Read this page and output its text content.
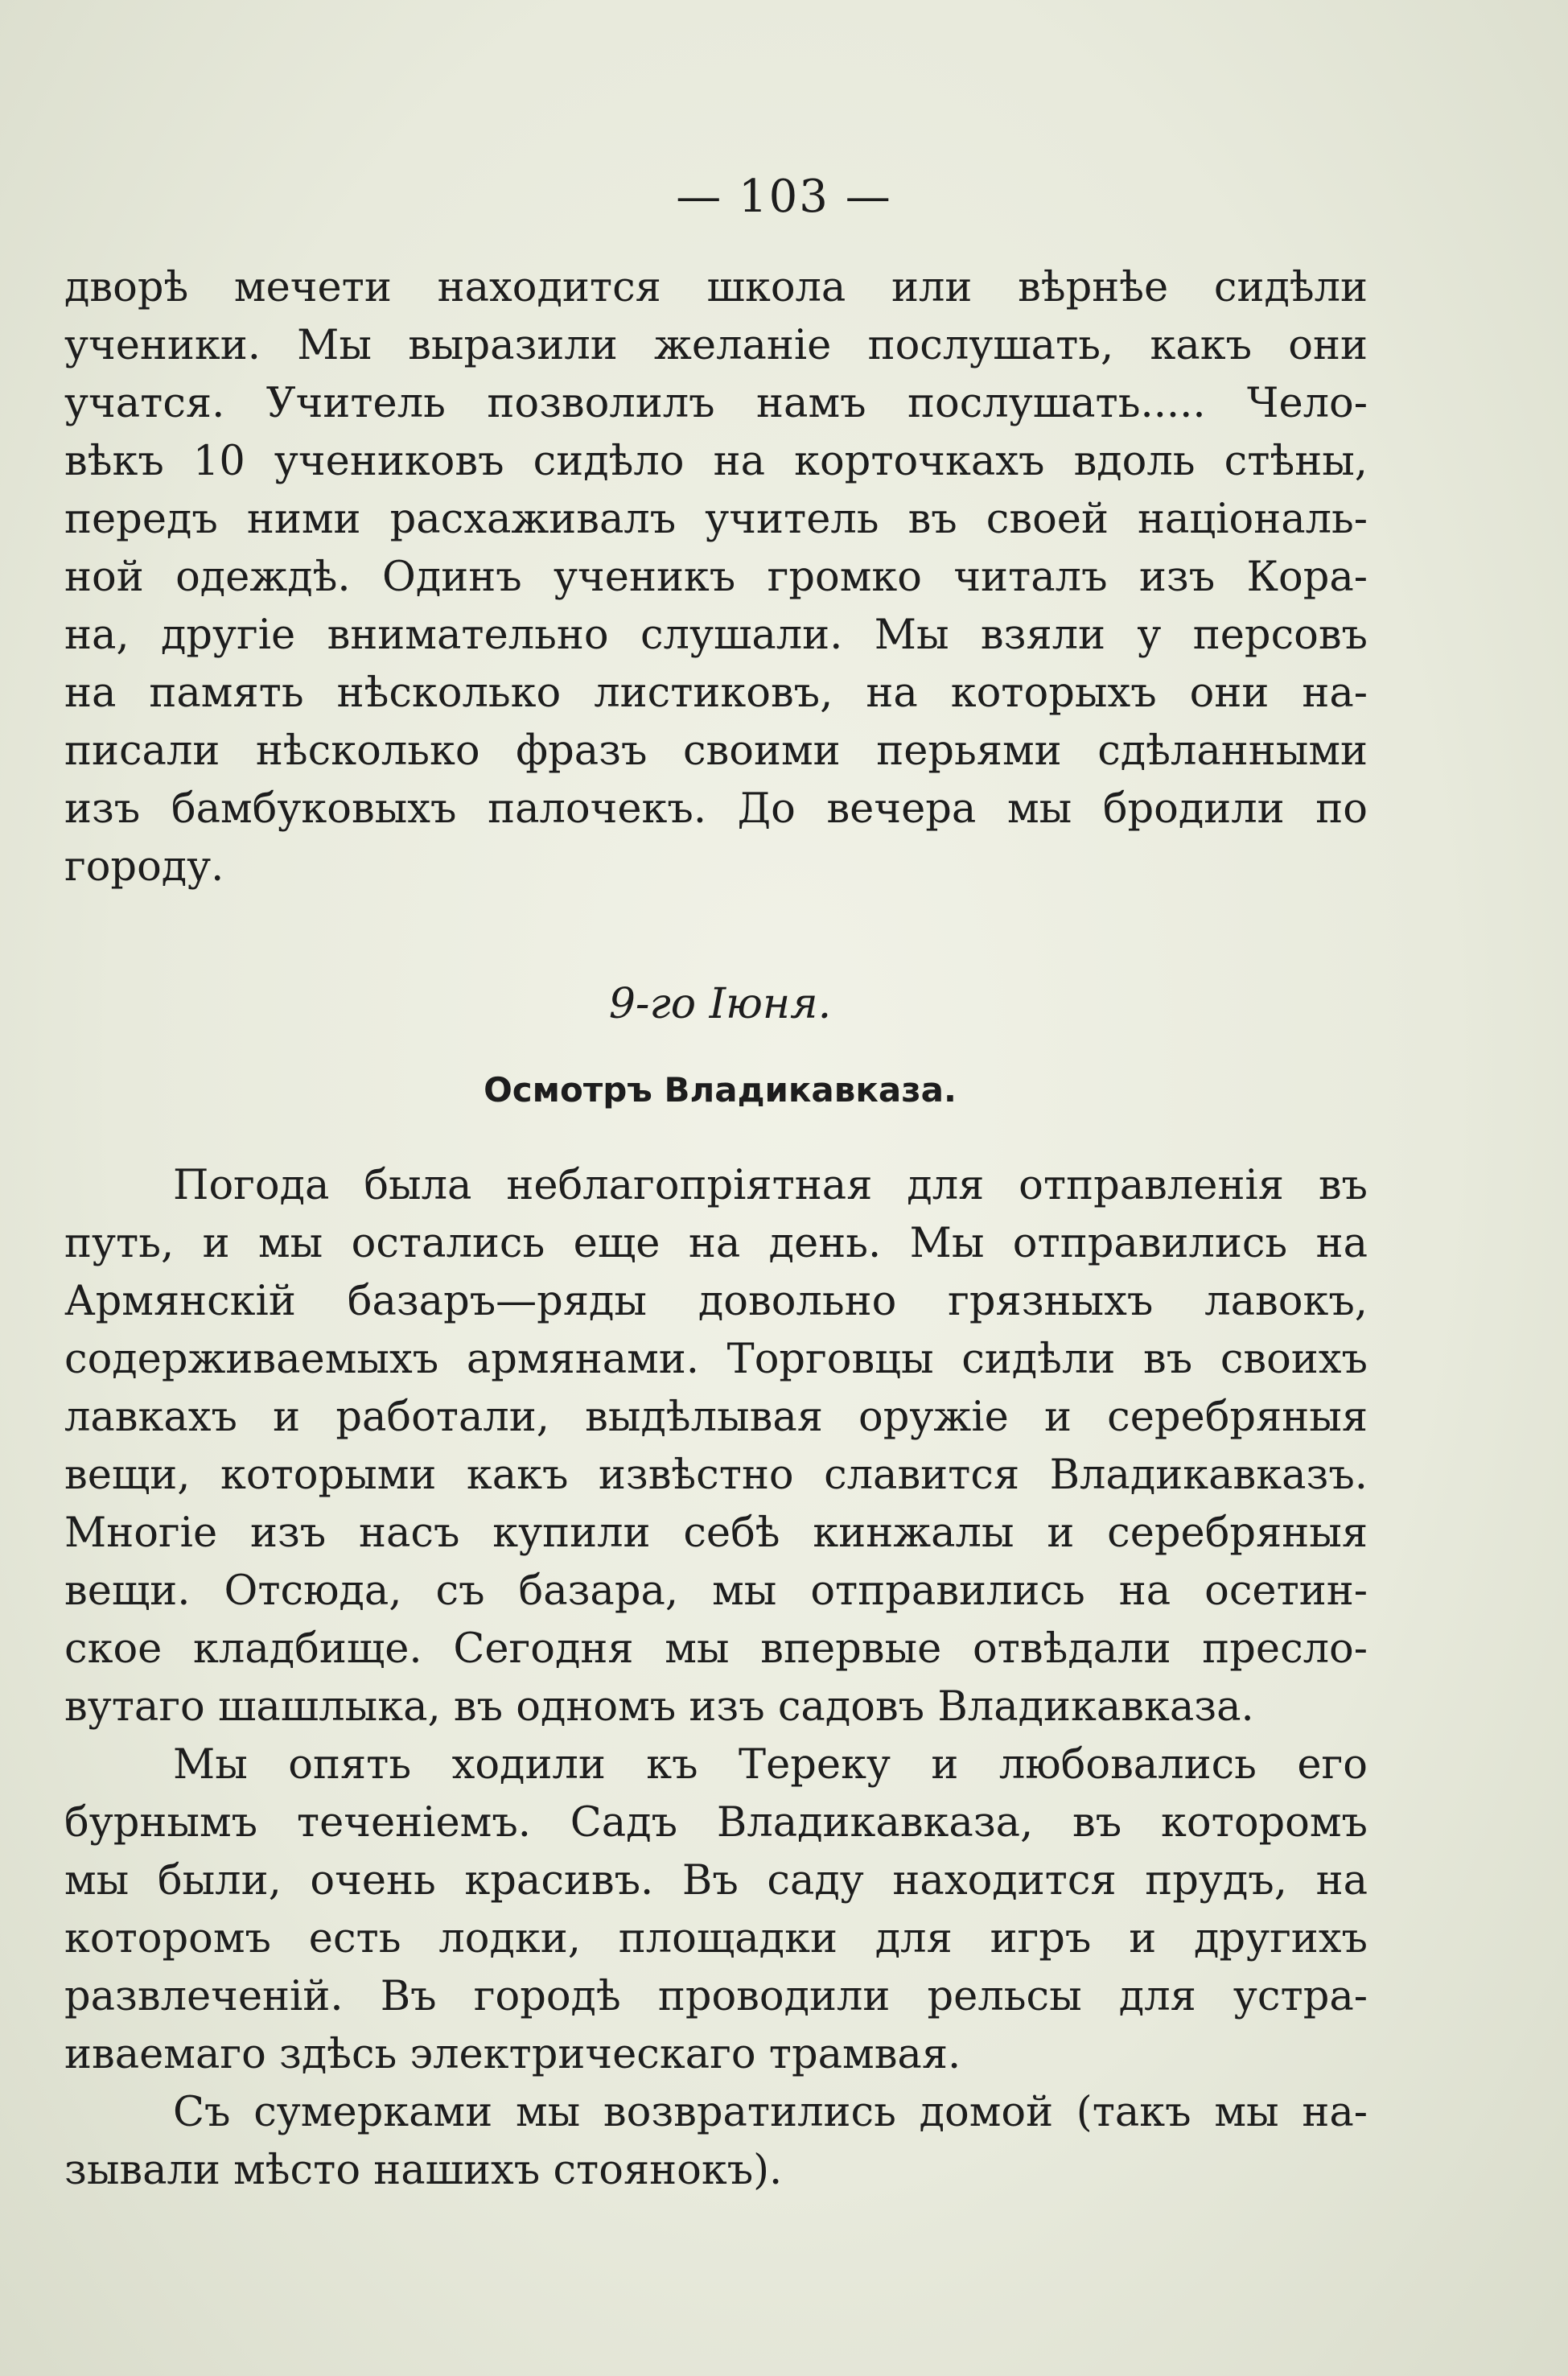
— 103 —

дворѣ мечети находится школа или вѣрнѣе сидѣли
ученики. Мы выразили желаніе послушать, какъ они
учатся. Учитель позволилъ намъ послушать..... Чело-
вѣкъ 10 учениковъ сидѣло на корточкахъ вдоль стѣны,
передъ ними расхаживалъ учитель въ своей національ-
ной одеждѣ. Одинъ ученикъ громко читалъ изъ Кора-
на, другіе внимательно слушали. Мы взяли у персовъ
на память нѣсколько листиковъ, на которыхъ они на-
писали нѣсколько фразъ своими перьями сдѣланными
изъ бамбуковыхъ палочекъ. До вечера мы бродили по
городу.

9-го Іюня.
Осмотръ Владикавказа.

Погода была неблагопріятная для отправленія въ
путь, и мы остались еще на день. Мы отправились на
Армянскій базаръ—ряды довольно грязныхъ лавокъ,
содерживаемыхъ армянами. Торговцы сидѣли въ своихъ
лавкахъ и работали, выдѣлывая оружіе и серебряныя
вещи, которыми какъ извѣстно славится Владикавказъ.
Многіе изъ насъ купили себѣ кинжалы и серебряныя
вещи. Отсюда, съ базара, мы отправились на осетин-
ское кладбище. Сегодня мы впервые отвѣдали пресло-
вутаго шашлыка, въ одномъ изъ садовъ Владикавказа.

Мы опять ходили къ Тереку и любовались его
бурнымъ теченіемъ. Садъ Владикавказа, въ которомъ
мы были, очень красивъ. Въ саду находится прудъ, на
которомъ есть лодки, площадки для игръ и другихъ
развлеченій. Въ городѣ проводили рельсы для устра-
иваемаго здѣсь электрическаго трамвая.

Съ сумерками мы возвратились домой (такъ мы на-
зывали мѣсто нашихъ стоянокъ).
